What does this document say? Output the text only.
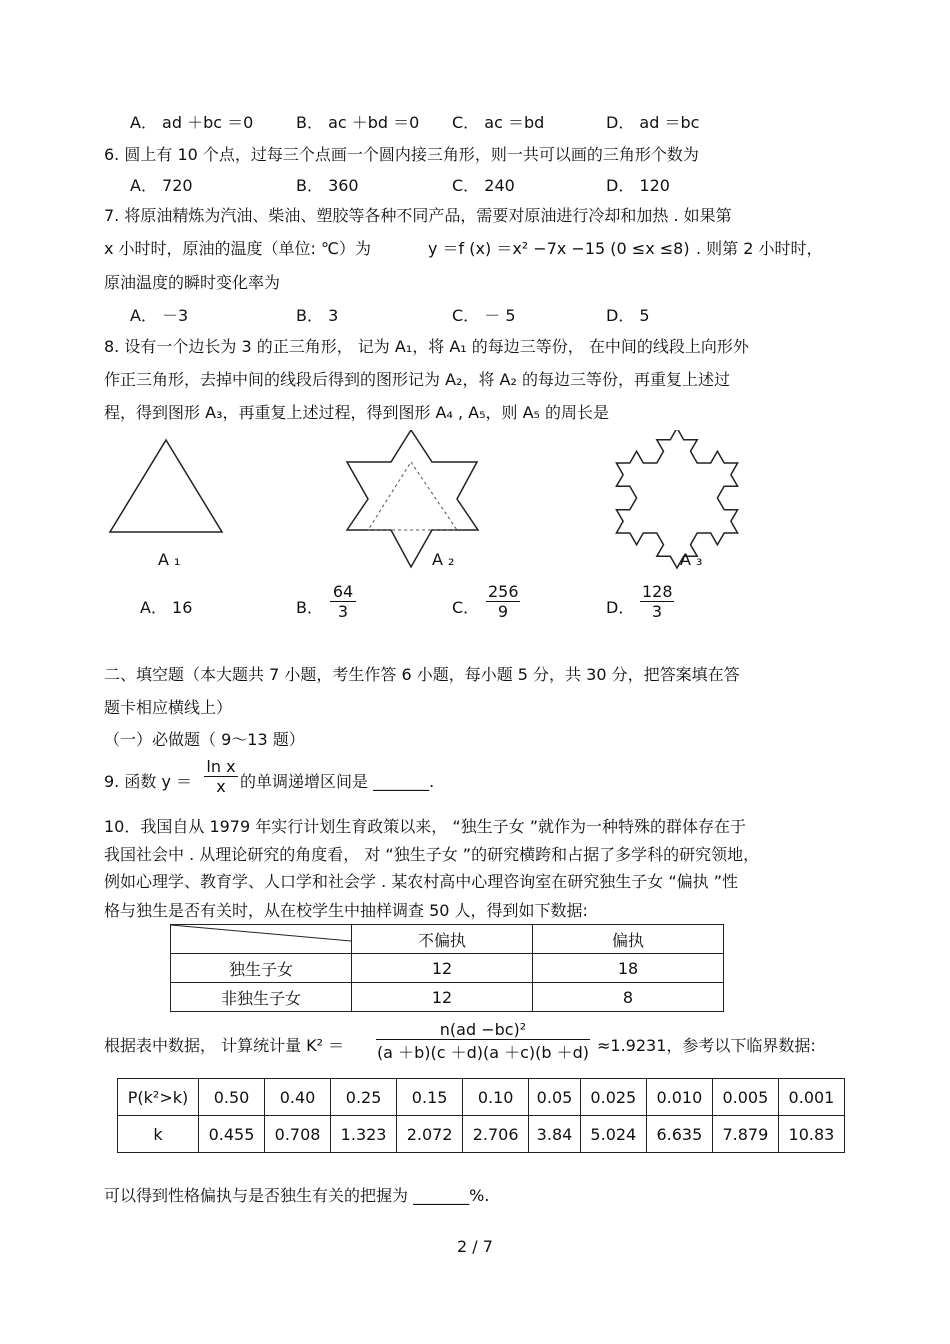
A． ad ＋bc ＝0	B． ac ＋bd ＝0 C． ac ＝bd	D． ad ＝bc
6. 圆上有 10 个点，过每三个点画一个圆内接三角形，则一共可以画的三角形个数为
A． 720	B． 360	C． 240	D． 120
7. 将原油精炼为汽油、柴油、塑胶等各种不同产品，需要对原油进行冷却和加热 . 如果第
x 小时时，原油的温度（单位: ℃）为	y ＝f (x) ＝x² −7x −15 (0 ≤x ≤8) . 则第 2 小时时，
原油温度的瞬时变化率为
A． －3	B． 3	C． － 5	D． 5
8. 设有一个边长为 3 的正三角形， 记为 A₁，将 A₁ 的每边三等份， 在中间的线段上向形外
作正三角形，去掉中间的线段后得到的图形记为 A₂，将 A₂ 的每边三等份，再重复上述过
程，得到图形 A₃，再重复上述过程，得到图形 A₄ , A₅，则 A₅ 的周长是
A ₁	A ₂	A ₃
A． 16	B． $\frac{64}{3}$	C． $\frac{256}{9}$	D． $\frac{128}{3}$
二、填空题（本大题共 7 小题，考生作答 6 小题，每小题 5 分，共 30 分，把答案填在答
题卡相应横线上）
（一）必做题（ 9～13 题）
9. 函数 $y = \frac{\text{ln x}}{x}$ 的单调递增区间是 _______.
10．我国自从 1979 年实行计划生育政策以来， “独生子女 ”就作为一种特殊的群体存在于
我国社会中 . 从理论研究的角度看， 对 “独生子女 ”的研究横跨和占据了多学科的研究领地，
例如心理学、教育学、人口学和社会学 . 某农村高中心理咨询室在研究独生子女 “偏执 ”性
格与独生是否有关时，从在校学生中抽样调查 50 人，得到如下数据:
	不偏执	偏执
独生子女	12	18
非独生子女	12	8
根据表中数据， 计算统计量 $K^2 = \frac{\text{n(ad −bc)²}}{(a +b)(c +d)(a +c)(b +d)} \approx 1.9231$，参考以下临界数据:
P(k²>k)	0.50	0.40	0.25	0.15	0.10	0.05	0.025	0.010	0.005	0.001
k	0.455	0.708	1.323	2.072	2.706	3.84	5.024	6.635	7.879	10.83
可以得到性格偏执与是否独生有关的把握为 _______%.
2 / 7
